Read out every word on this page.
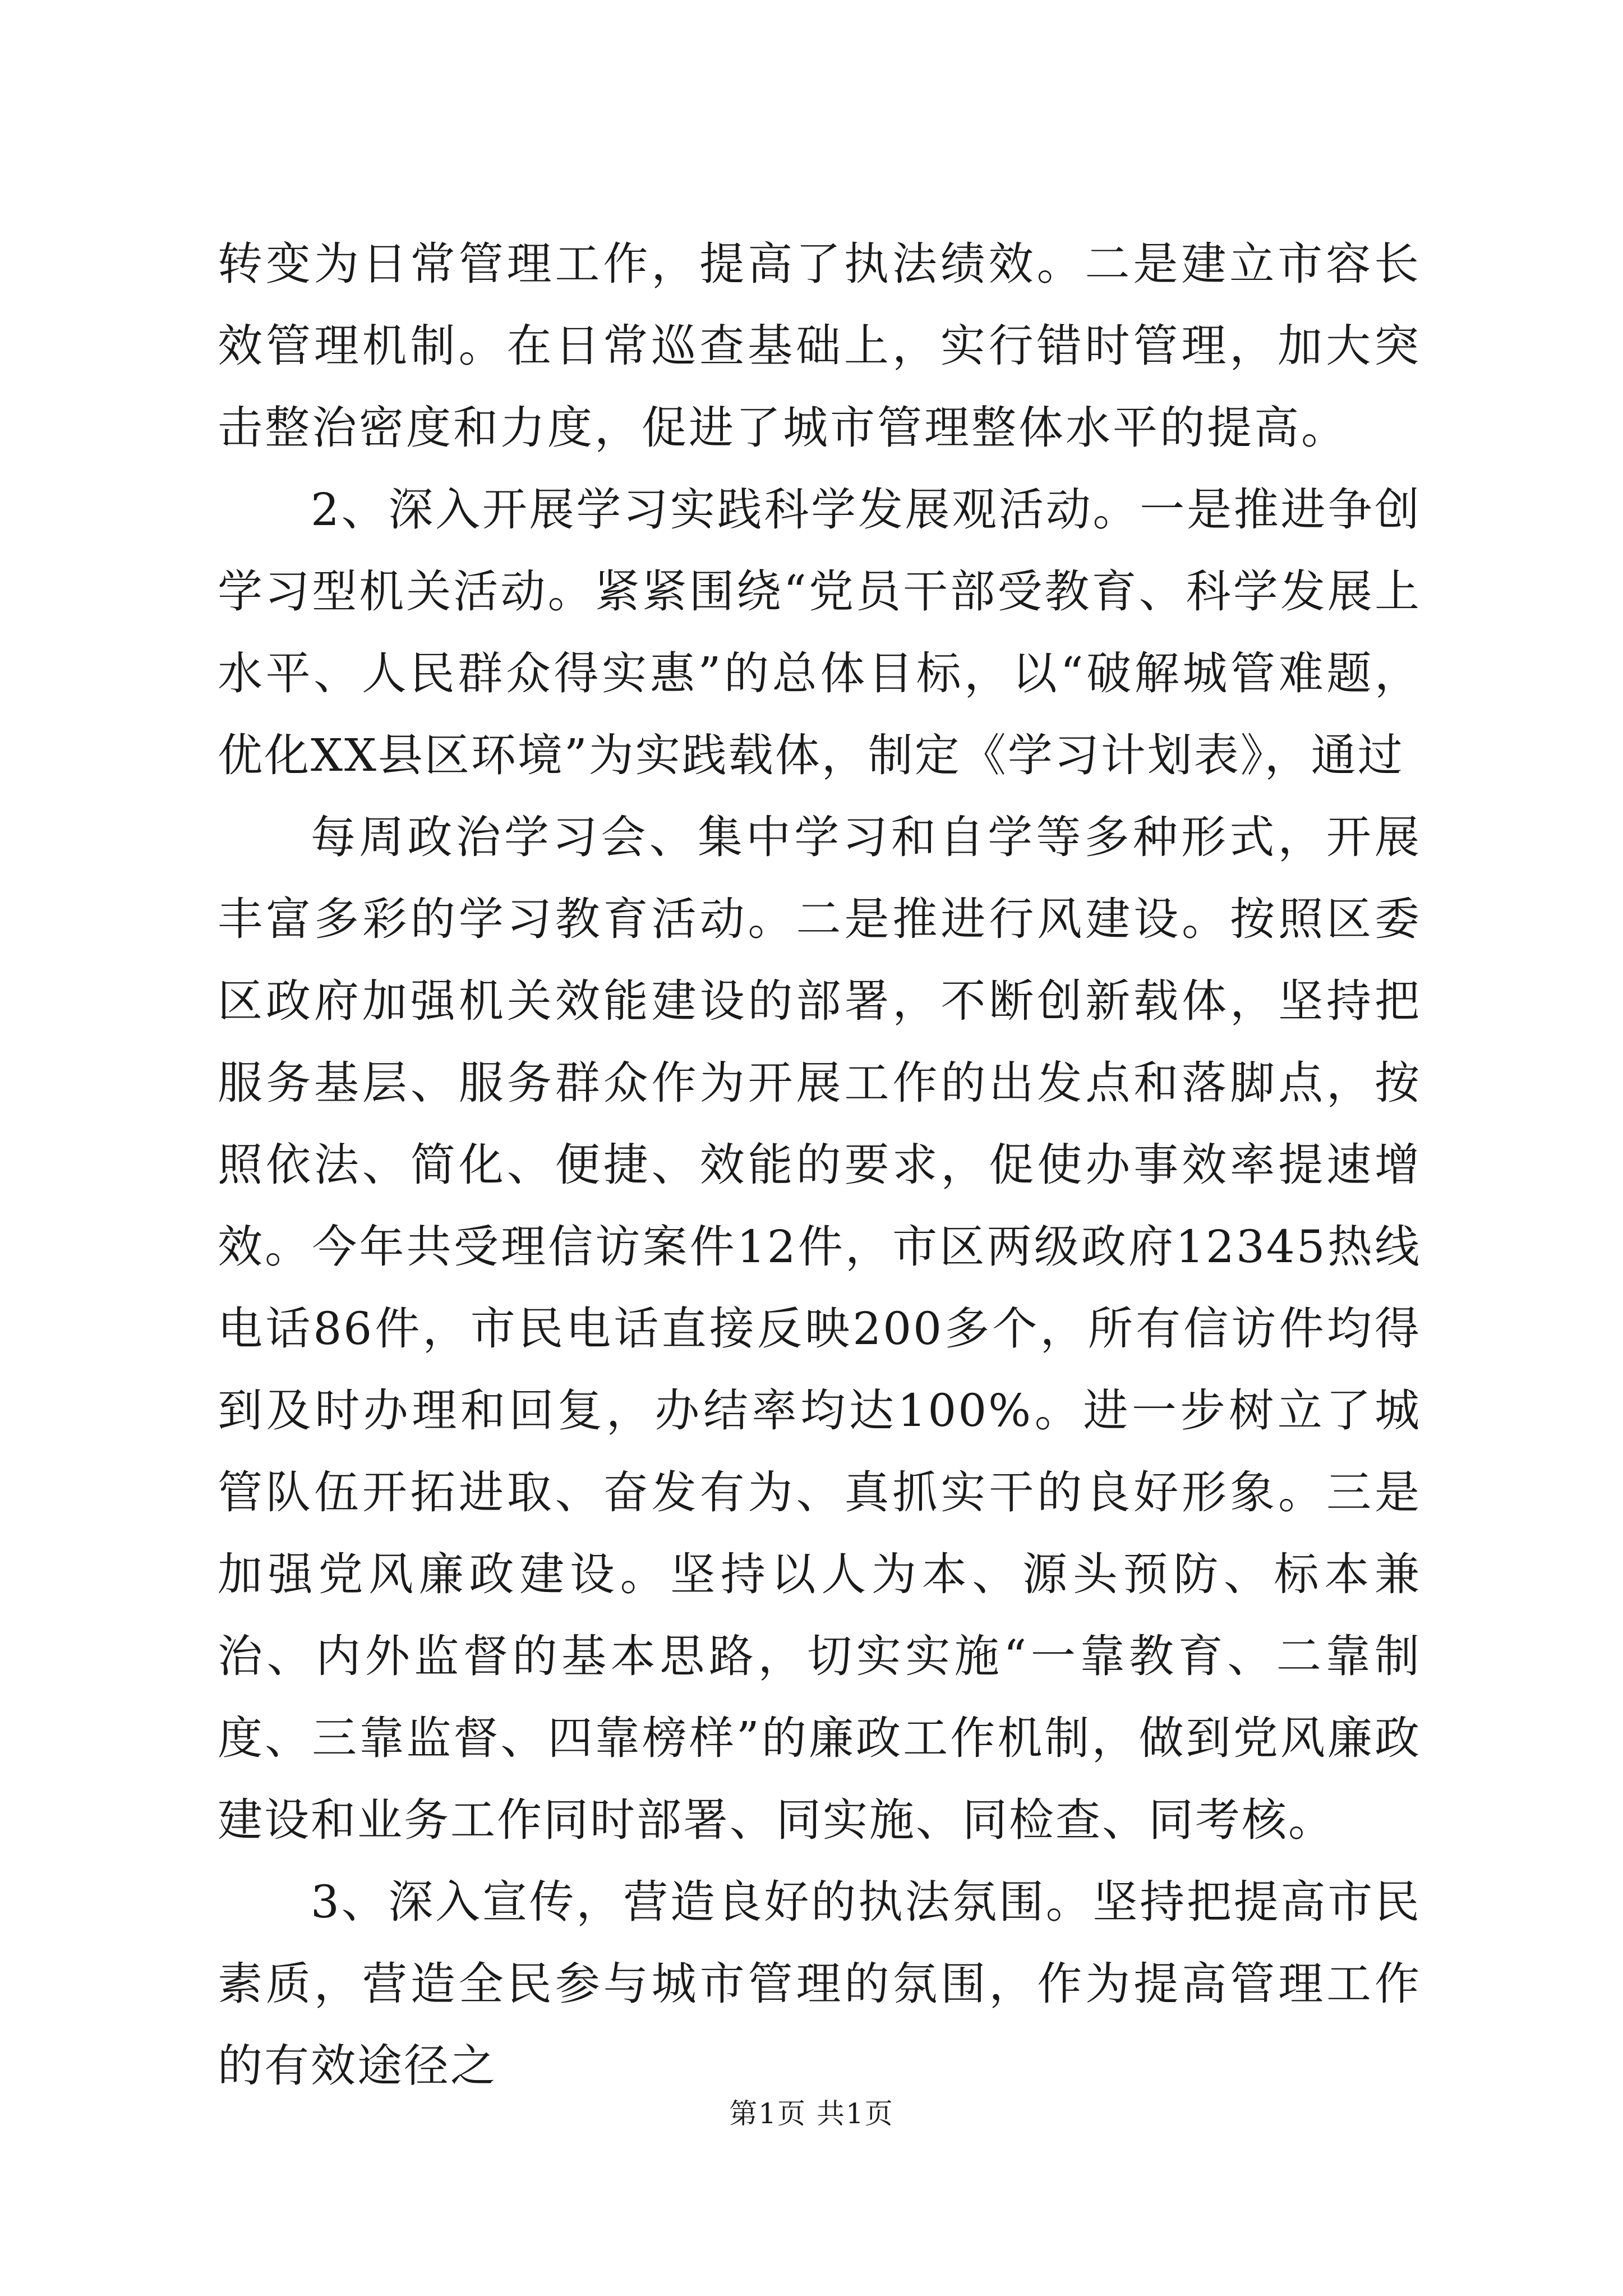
转变为日常管理工作，提高了执法绩效。二是建立市容长效管理机制。在日常巡查基础上，实行错时管理，加大突击整治密度和力度，促进了城市管理整体水平的提高。

2、深入开展学习实践科学发展观活动。一是推进争创学习型机关活动。紧紧围绕“党员干部受教育、科学发展上水平、人民群众得实惠”的总体目标，以“破解城管难题，优化XX县区环境”为实践载体，制定《学习计划表》，通过

每周政治学习会、集中学习和自学等多种形式，开展丰富多彩的学习教育活动。二是推进行风建设。按照区委区政府加强机关效能建设的部署，不断创新载体，坚持把服务基层、服务群众作为开展工作的出发点和落脚点，按照依法、简化、便捷、效能的要求，促使办事效率提速增效。今年共受理信访案件12件，市区两级政府12345热线电话86件，市民电话直接反映200多个，所有信访件均得到及时办理和回复，办结率均达100%。进一步树立了城管队伍开拓进取、奋发有为、真抓实干的良好形象。三是加强党风廉政建设。坚持以人为本、源头预防、标本兼治、内外监督的基本思路，切实实施“一靠教育、二靠制度、三靠监督、四靠榜样”的廉政工作机制，做到党风廉政建设和业务工作同时部署、同实施、同检查、同考核。

3、深入宣传，营造良好的执法氛围。坚持把提高市民素质，营造全民参与城市管理的氛围，作为提高管理工作的有效途径之

第1页 共1页
